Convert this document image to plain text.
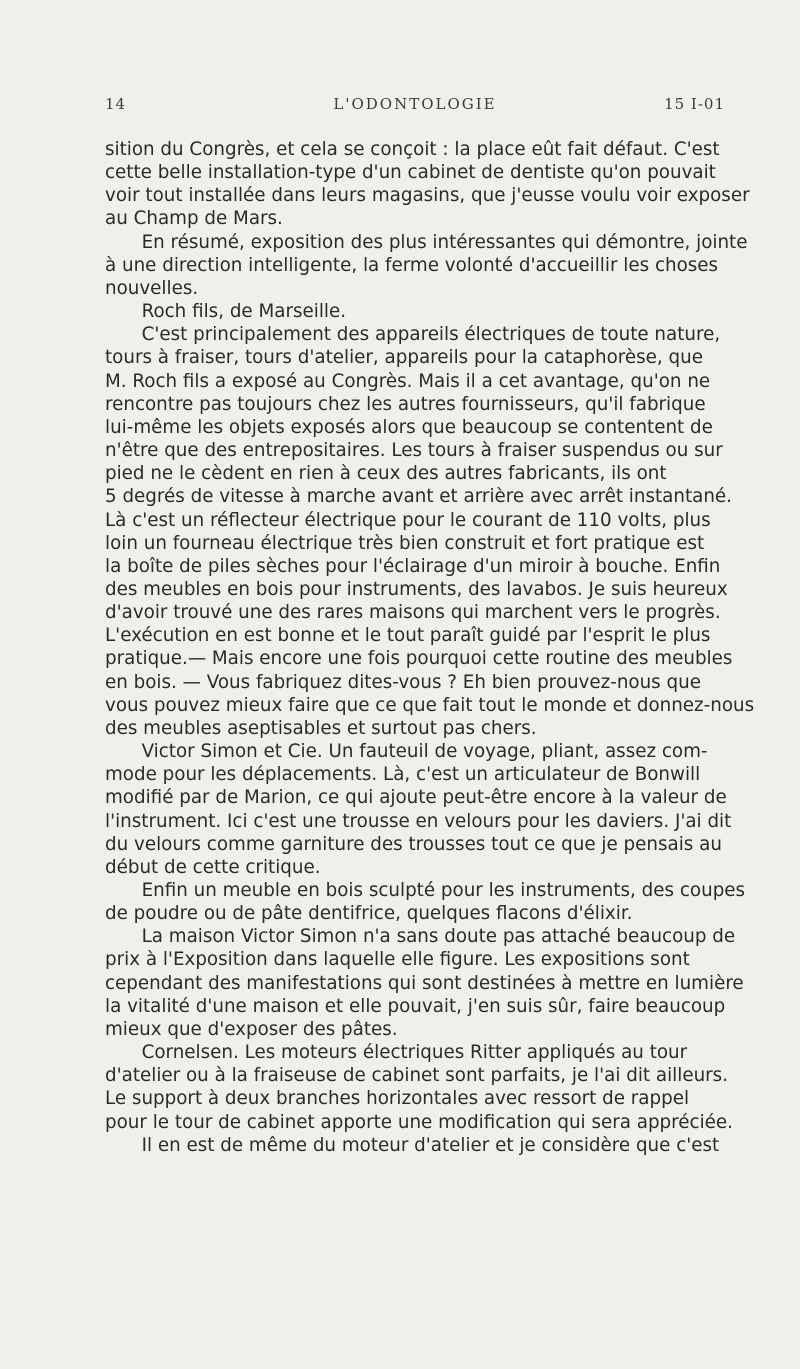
14	L'ODONTOLOGIE	15 I-01
sition du Congrès, et cela se conçoit : la place eût fait défaut. C'est
cette belle installation-type d'un cabinet de dentiste qu'on pouvait
voir tout installée dans leurs magasins, que j'eusse voulu voir exposer
au Champ de Mars.
  En résumé, exposition des plus intéressantes qui démontre, jointe
à une direction intelligente, la ferme volonté d'accueillir les choses
nouvelles.
  Roch fils, de Marseille.
  C'est principalement des appareils électriques de toute nature,
tours à fraiser, tours d'atelier, appareils pour la cataphorèse, que
M. Roch fils a exposé au Congrès. Mais il a cet avantage, qu'on ne
rencontre pas toujours chez les autres fournisseurs, qu'il fabrique
lui-même les objets exposés alors que beaucoup se contentent de
n'être que des entrepositaires. Les tours à fraiser suspendus ou sur
pied ne le cèdent en rien à ceux des autres fabricants, ils ont
5 degrés de vitesse à marche avant et arrière avec arrêt instantané.
Là c'est un réflecteur électrique pour le courant de 110 volts, plus
loin un fourneau électrique très bien construit et fort pratique est
la boîte de piles sèches pour l'éclairage d'un miroir à bouche. Enfin
des meubles en bois pour instruments, des lavabos. Je suis heureux
d'avoir trouvé une des rares maisons qui marchent vers le progrès.
L'exécution en est bonne et le tout paraît guidé par l'esprit le plus
pratique.— Mais encore une fois pourquoi cette routine des meubles
en bois. — Vous fabriquez dites-vous ? Eh bien prouvez-nous que
vous pouvez mieux faire que ce que fait tout le monde et donnez-nous
des meubles aseptisables et surtout pas chers.
  Victor Simon et Cie. Un fauteuil de voyage, pliant, assez com-
mode pour les déplacements. Là, c'est un articulateur de Bonwill
modifié par de Marion, ce qui ajoute peut-être encore à la valeur de
l'instrument. Ici c'est une trousse en velours pour les daviers. J'ai dit
du velours comme garniture des trousses tout ce que je pensais au
début de cette critique.
  Enfin un meuble en bois sculpté pour les instruments, des coupes
de poudre ou de pâte dentifrice, quelques flacons d'élixir.
  La maison Victor Simon n'a sans doute pas attaché beaucoup de
prix à l'Exposition dans laquelle elle figure. Les expositions sont
cependant des manifestations qui sont destinées à mettre en lumière
la vitalité d'une maison et elle pouvait, j'en suis sûr, faire beaucoup
mieux que d'exposer des pâtes.
  Cornelsen. Les moteurs électriques Ritter appliqués au tour
d'atelier ou à la fraiseuse de cabinet sont parfaits, je l'ai dit ailleurs.
Le support à deux branches horizontales avec ressort de rappel
pour le tour de cabinet apporte une modification qui sera appréciée.
  Il en est de même du moteur d'atelier et je considère que c'est
